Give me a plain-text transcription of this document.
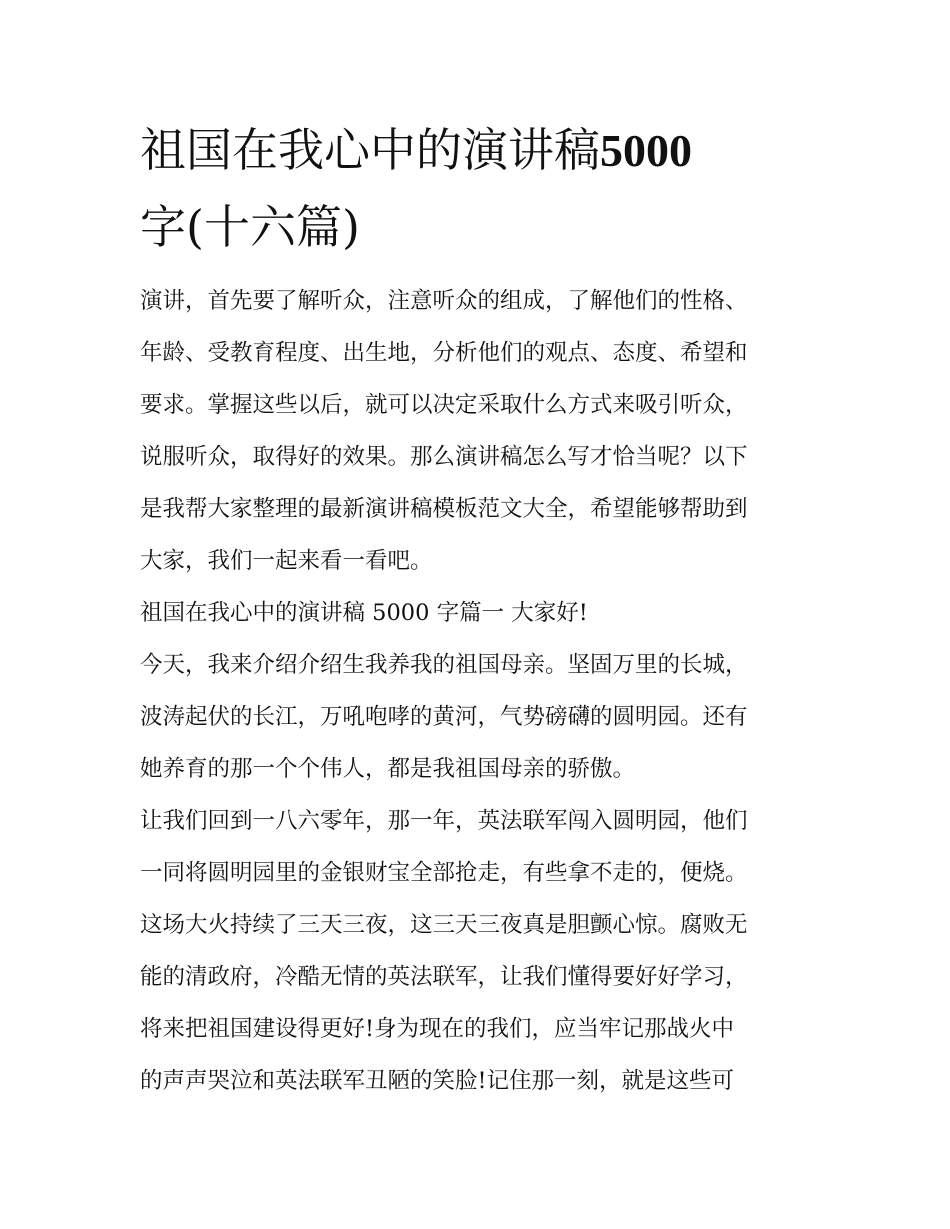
祖国在我心中的演讲稿5000
字(十六篇)
演讲，首先要了解听众，注意听众的组成，了解他们的性格、
年龄、受教育程度、出生地，分析他们的观点、态度、希望和
要求。掌握这些以后，就可以决定采取什么方式来吸引听众，
说服听众，取得好的效果。那么演讲稿怎么写才恰当呢？以下
是我帮大家整理的最新演讲稿模板范文大全，希望能够帮助到
大家，我们一起来看一看吧。
祖国在我心中的演讲稿 5000 字篇一 大家好!
今天，我来介绍介绍生我养我的祖国母亲。坚固万里的长城，
波涛起伏的长江，万吼咆哮的黄河，气势磅礴的圆明园。还有
她养育的那一个个伟人，都是我祖国母亲的骄傲。
让我们回到一八六零年，那一年，英法联军闯入圆明园，他们
一同将圆明园里的金银财宝全部抢走，有些拿不走的，便烧。
这场大火持续了三天三夜，这三天三夜真是胆颤心惊。腐败无
能的清政府，冷酷无情的英法联军，让我们懂得要好好学习，
将来把祖国建设得更好!身为现在的我们，应当牢记那战火中
的声声哭泣和英法联军丑陋的笑脸!记住那一刻，就是这些可
